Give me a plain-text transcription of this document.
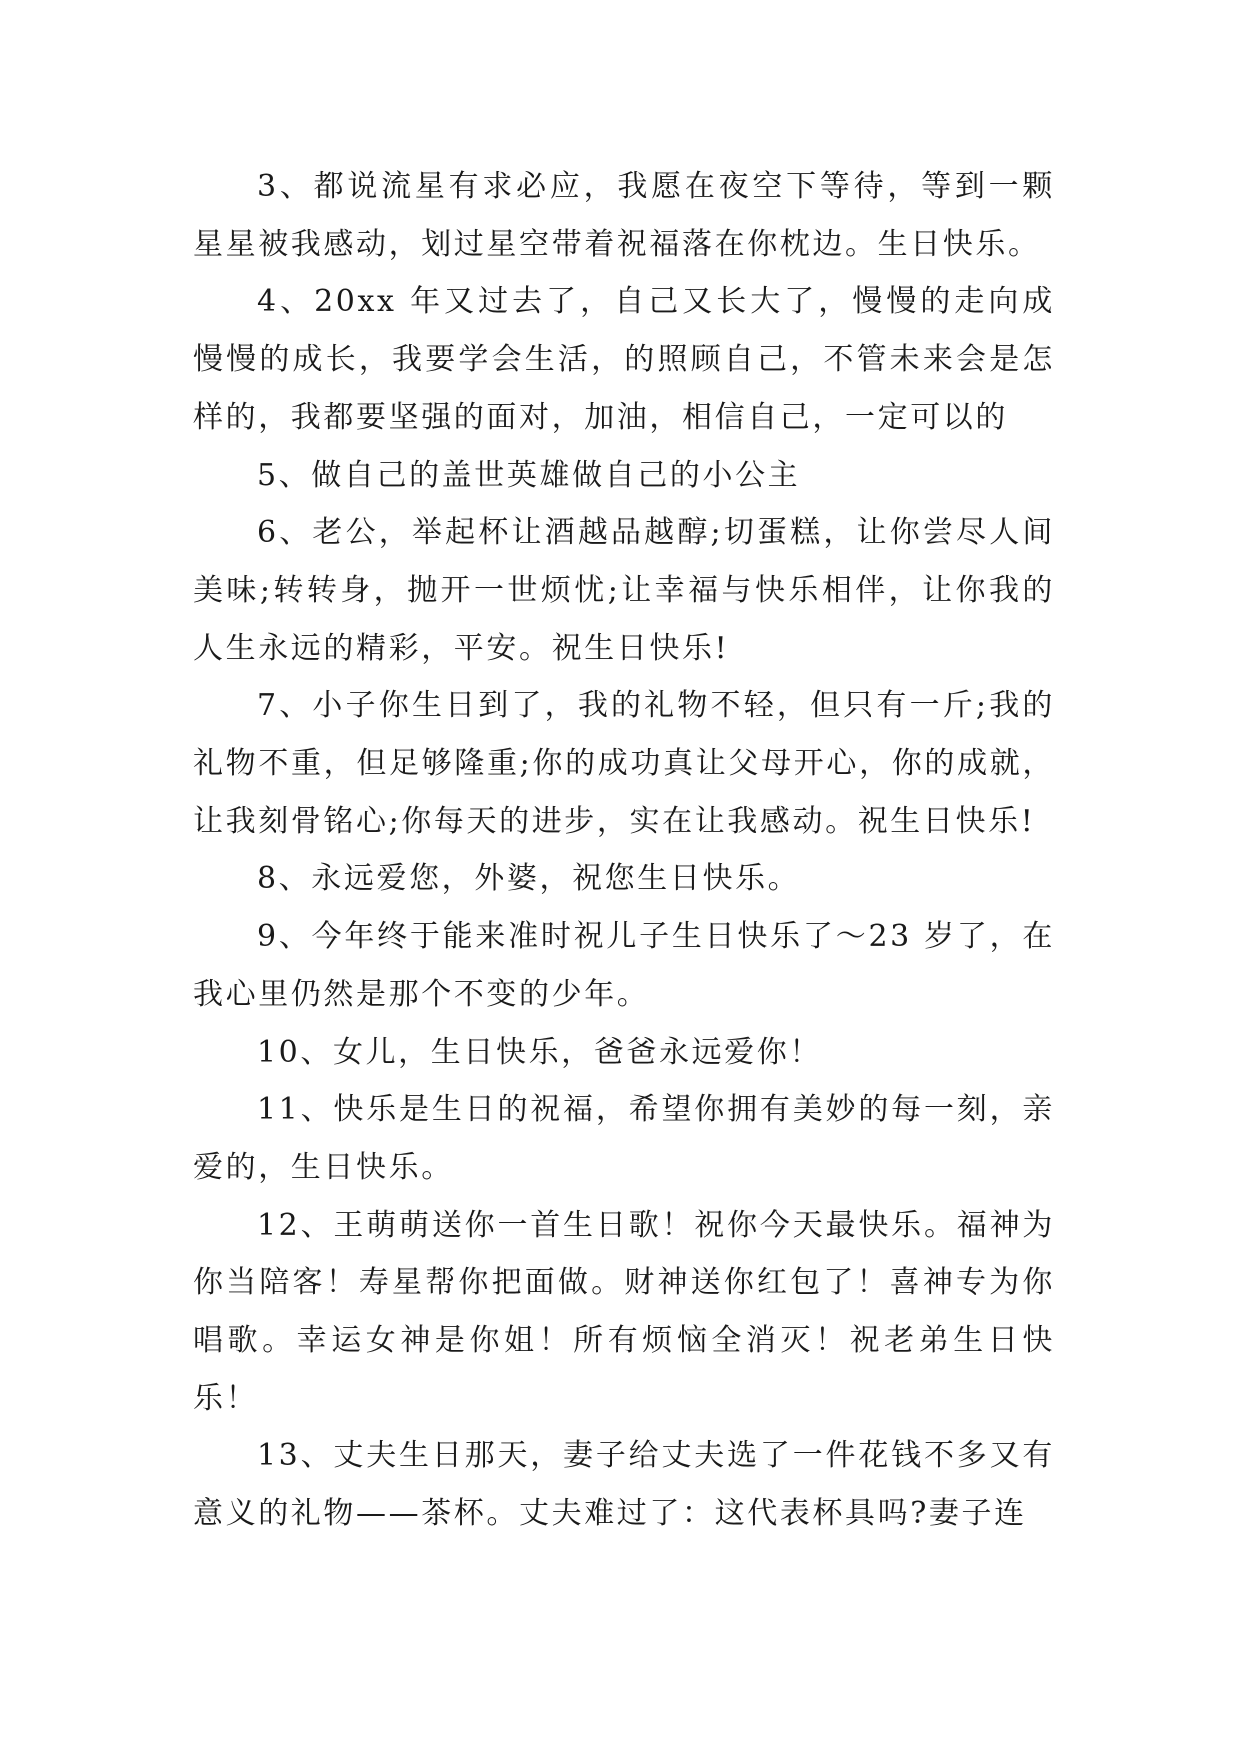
3、都说流星有求必应，我愿在夜空下等待，等到一颗星星被我感动，划过星空带着祝福落在你枕边。生日快乐。

4、20xx 年又过去了，自己又长大了，慢慢的走向成慢慢的成长，我要学会生活，的照顾自己，不管未来会是怎样的，我都要坚强的面对，加油，相信自己，一定可以的

5、做自己的盖世英雄做自己的小公主

6、老公，举起杯让酒越品越醇;切蛋糕，让你尝尽人间美味;转转身，抛开一世烦忧;让幸福与快乐相伴，让你我的人生永远的精彩，平安。祝生日快乐!

7、小子你生日到了，我的礼物不轻，但只有一斤;我的礼物不重，但足够隆重;你的成功真让父母开心，你的成就，让我刻骨铭心;你每天的进步，实在让我感动。祝生日快乐!

8、永远爱您，外婆，祝您生日快乐。

9、今年终于能来准时祝儿子生日快乐了～23 岁了，在我心里仍然是那个不变的少年。

10、女儿，生日快乐，爸爸永远爱你！

11、快乐是生日的祝福，希望你拥有美妙的每一刻，亲爱的，生日快乐。

12、王萌萌送你一首生日歌！祝你今天最快乐。福神为你当陪客！寿星帮你把面做。财神送你红包了！喜神专为你唱歌。幸运女神是你姐！所有烦恼全消灭！祝老弟生日快乐！

13、丈夫生日那天，妻子给丈夫选了一件花钱不多又有意义的礼物——茶杯。丈夫难过了：这代表杯具吗?妻子连
